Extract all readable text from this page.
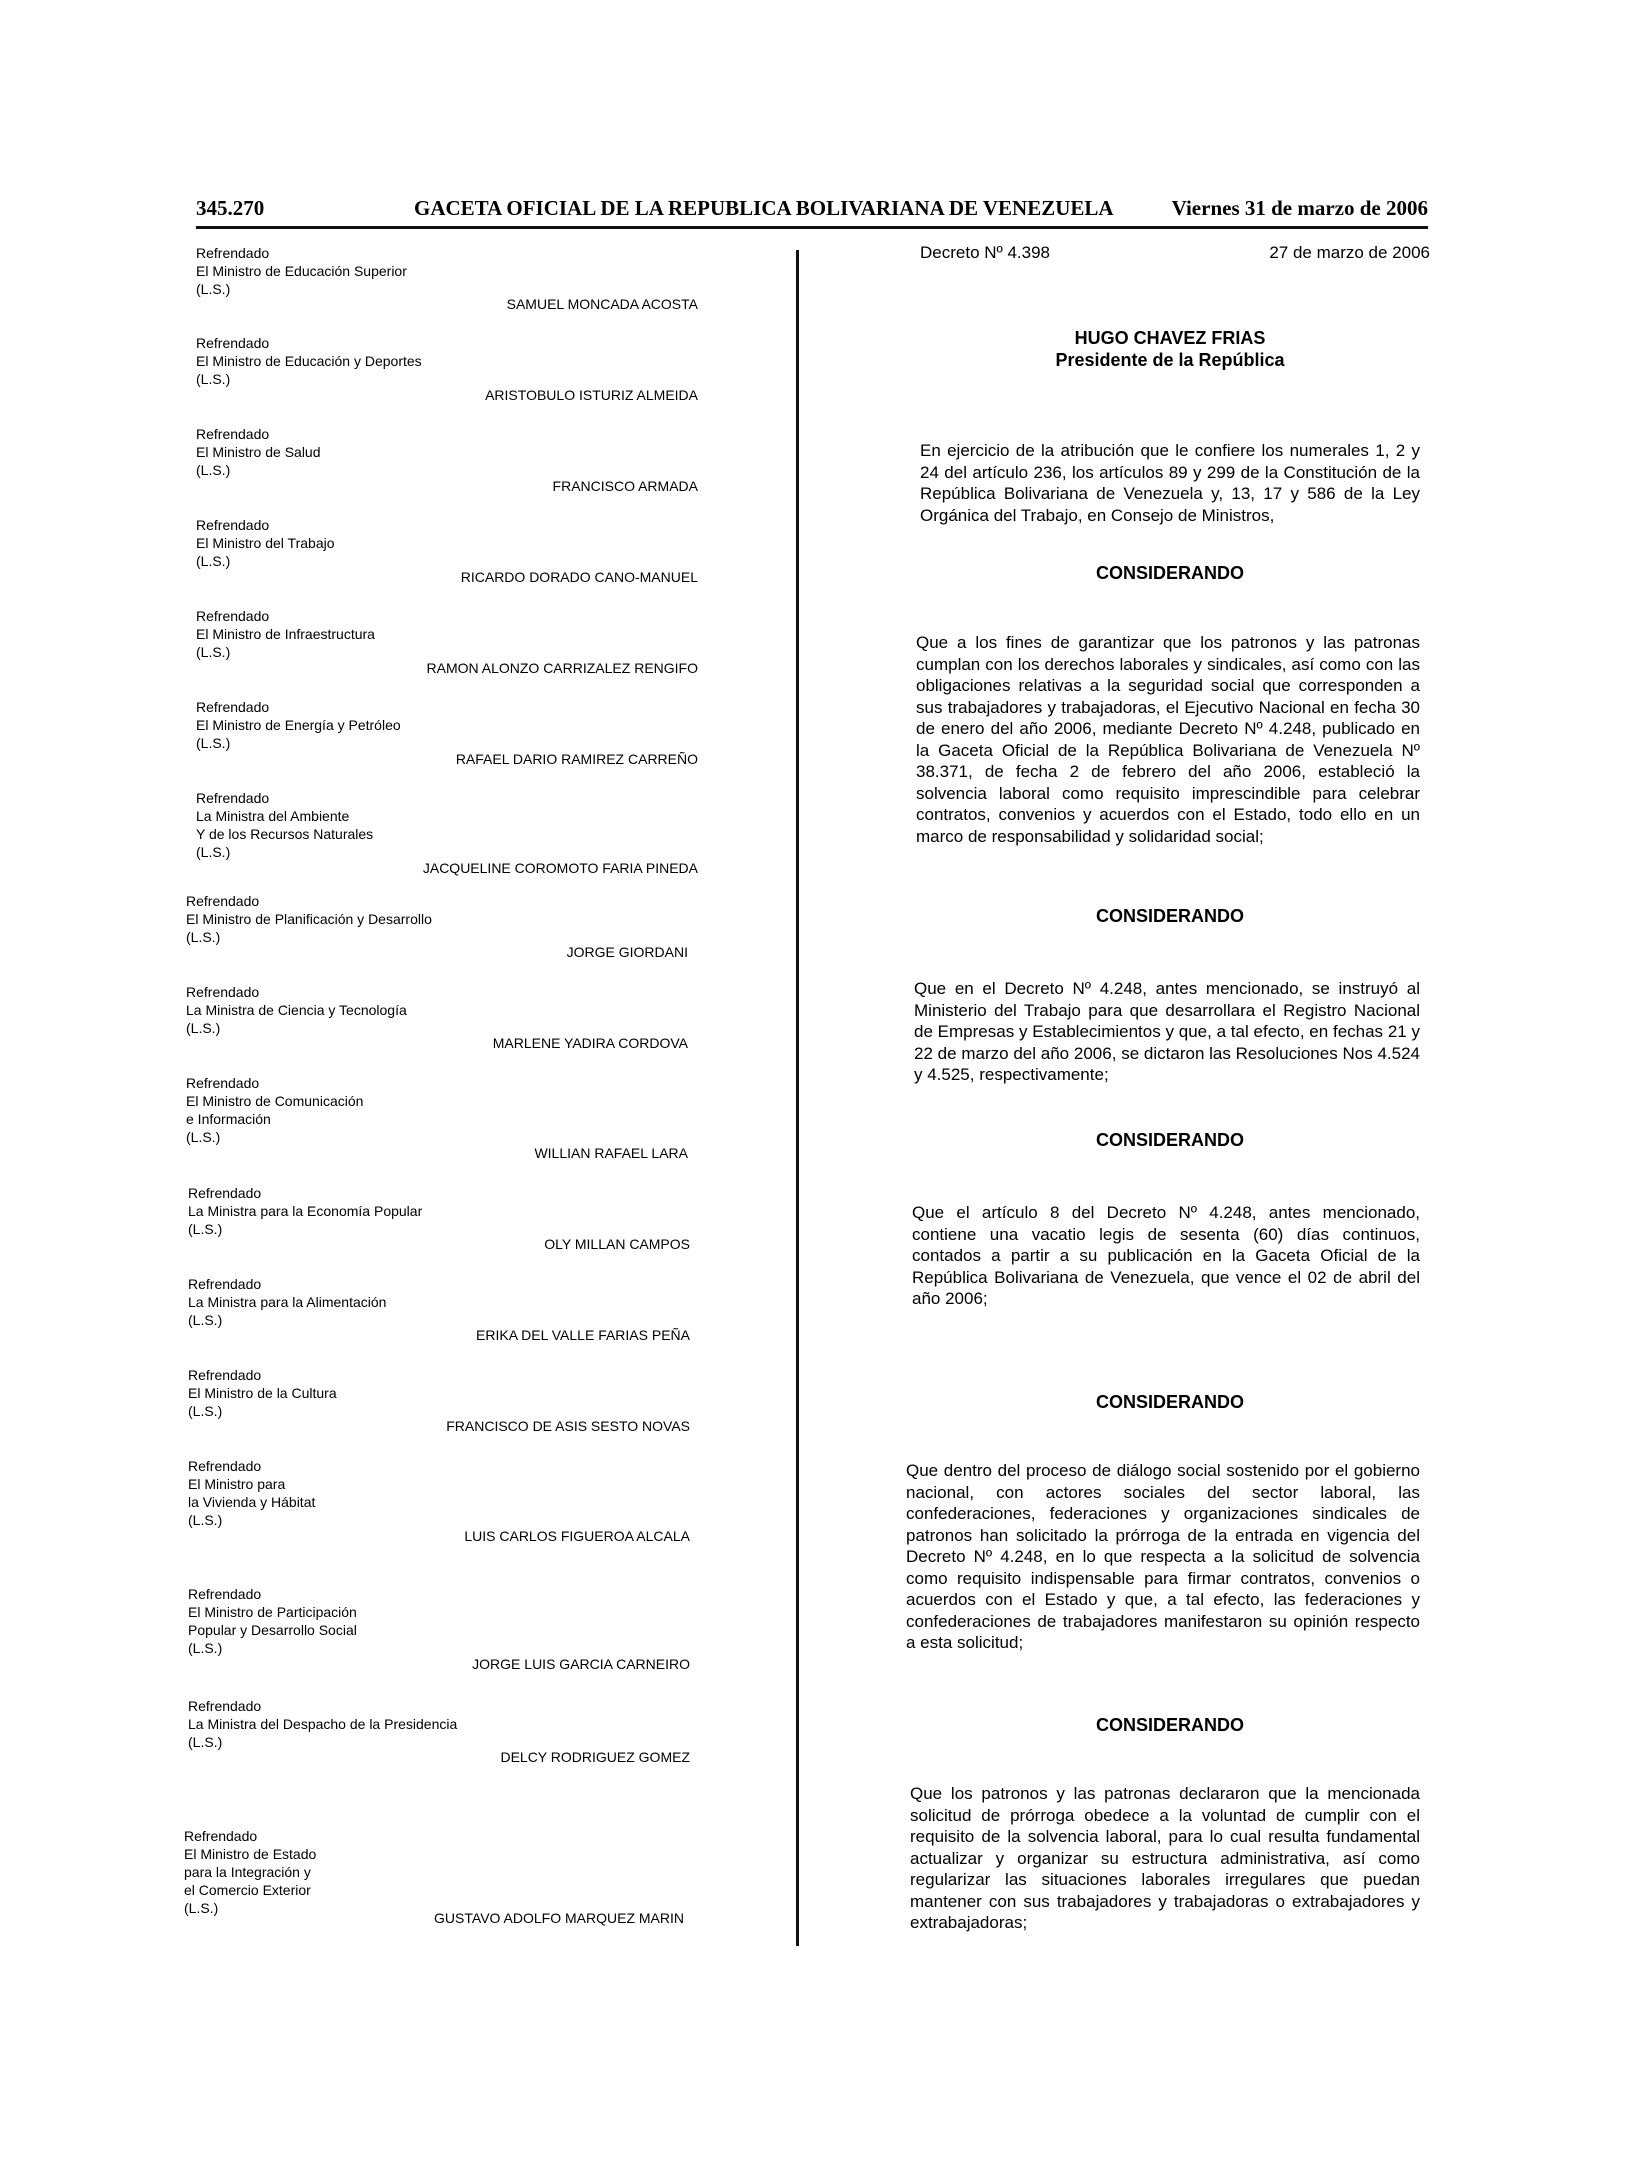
345.270	GACETA OFICIAL DE LA REPUBLICA BOLIVARIANA DE VENEZUELA	Viernes 31 de marzo de 2006
Refrendado
El Ministro de Educación Superior
(L.S.)
SAMUEL MONCADA ACOSTA
Refrendado
El Ministro de Educación y Deportes
(L.S.)
ARISTOBULO ISTURIZ ALMEIDA
Refrendado
El Ministro de Salud
(L.S.)
FRANCISCO ARMADA
Refrendado
El Ministro del Trabajo
(L.S.)
RICARDO DORADO CANO-MANUEL
Refrendado
El Ministro de Infraestructura
(L.S.)
RAMON ALONZO CARRIZALEZ RENGIFO
Refrendado
El Ministro de Energía y Petróleo
(L.S.)
RAFAEL DARIO RAMIREZ CARREÑO
Refrendado
La Ministra del Ambiente
Y de los Recursos Naturales
(L.S.)
JACQUELINE COROMOTO FARIA PINEDA
Refrendado
El Ministro de Planificación y Desarrollo
(L.S.)
JORGE GIORDANI
Refrendado
La Ministra de Ciencia y Tecnología
(L.S.)
MARLENE YADIRA CORDOVA
Refrendado
El Ministro de Comunicación
e Información
(L.S.)
WILLIAN RAFAEL LARA
Refrendado
La Ministra para la Economía Popular
(L.S.)
OLY MILLAN CAMPOS
Refrendado
La Ministra para la Alimentación
(L.S.)
ERIKA DEL VALLE FARIAS PEÑA
Refrendado
El Ministro de la Cultura
(L.S.)
FRANCISCO DE ASIS SESTO NOVAS
Refrendado
El Ministro para
la Vivienda y Hábitat
(L.S.)
LUIS CARLOS FIGUEROA ALCALA
Refrendado
El Ministro de Participación
Popular y Desarrollo Social
(L.S.)
JORGE LUIS GARCIA CARNEIRO
Refrendado
La Ministra del Despacho de la Presidencia
(L.S.)
DELCY RODRIGUEZ GOMEZ
Refrendado
El Ministro de Estado
para la Integración y
el Comercio Exterior
(L.S.)
GUSTAVO ADOLFO MARQUEZ MARIN
Decreto Nº 4.398	27 de marzo de 2006
HUGO CHAVEZ FRIAS
Presidente de la República
En ejercicio de la atribución que le confiere los numerales 1, 2 y 24 del artículo 236, los artículos 89 y 299 de la Constitución de la República Bolivariana de Venezuela y, 13, 17 y 586 de la Ley Orgánica del Trabajo, en Consejo de Ministros,
CONSIDERANDO
Que a los fines de garantizar que los patronos y las patronas cumplan con los derechos laborales y sindicales, así como con las obligaciones relativas a la seguridad social que corresponden a sus trabajadores y trabajadoras, el Ejecutivo Nacional en fecha 30 de enero del año 2006, mediante Decreto Nº 4.248, publicado en la Gaceta Oficial de la República Bolivariana de Venezuela Nº 38.371, de fecha 2 de febrero del año 2006, estableció la solvencia laboral como requisito imprescindible para celebrar contratos, convenios y acuerdos con el Estado, todo ello en un marco de responsabilidad y solidaridad social;
CONSIDERANDO
Que en el Decreto Nº 4.248, antes mencionado, se instruyó al Ministerio del Trabajo para que desarrollara el Registro Nacional de Empresas y Establecimientos y que, a tal efecto, en fechas 21 y 22 de marzo del año 2006, se dictaron las Resoluciones Nos 4.524 y 4.525, respectivamente;
CONSIDERANDO
Que el artículo 8 del Decreto Nº 4.248, antes mencionado, contiene una vacatio legis de sesenta (60) días continuos, contados a partir a su publicación en la Gaceta Oficial de la República Bolivariana de Venezuela, que vence el 02 de abril del año 2006;
CONSIDERANDO
Que dentro del proceso de diálogo social sostenido por el gobierno nacional, con actores sociales del sector laboral, las confederaciones, federaciones y organizaciones sindicales de patronos han solicitado la prórroga de la entrada en vigencia del Decreto Nº 4.248, en lo que respecta a la solicitud de solvencia como requisito indispensable para firmar contratos, convenios o acuerdos con el Estado y que, a tal efecto, las federaciones y confederaciones de trabajadores manifestaron su opinión respecto a esta solicitud;
CONSIDERANDO
Que los patronos y las patronas declararon que la mencionada solicitud de prórroga obedece a la voluntad de cumplir con el requisito de la solvencia laboral, para lo cual resulta fundamental actualizar y organizar su estructura administrativa, así como regularizar las situaciones laborales irregulares que puedan mantener con sus trabajadores y trabajadoras o extrabajadores y extrabajadoras;
